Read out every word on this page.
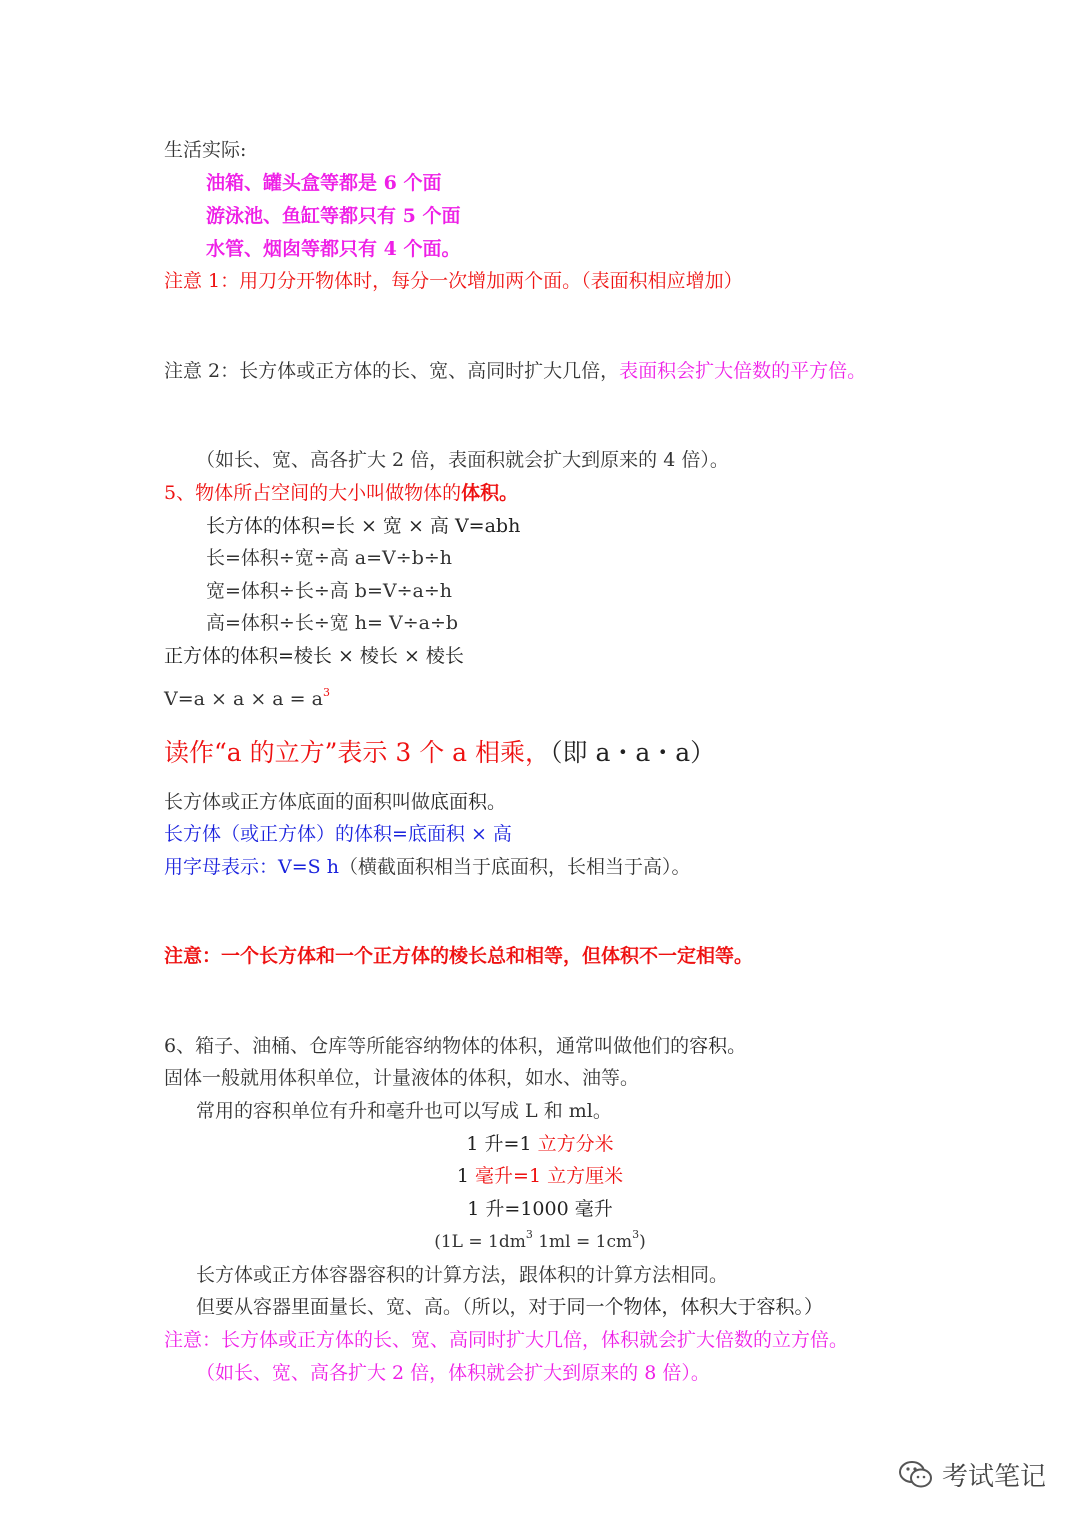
生活实际:
油箱、罐头盒等都是 6 个面
游泳池、鱼缸等都只有 5 个面
水管、烟囱等都只有 4 个面。
注意 1：用刀分开物体时，每分一次增加两个面。（表面积相应增加）
注意 2：长方体或正方体的长、宽、高同时扩大几倍，表面积会扩大倍数的平方倍。
（如长、宽、高各扩大 2 倍，表面积就会扩大到原来的 4 倍）。
5、物体所占空间的大小叫做物体的体积。
长方体的体积=长 × 宽 × 高 V=abh
长=体积÷宽÷高 a=V÷b÷h
宽=体积÷长÷高 b=V÷a÷h
高=体积÷长÷宽 h= V÷a÷b
正方体的体积=棱长 × 棱长 × 棱长
$V=a \times a \times a = a^3$
读作“a 的立方”表示 3 个 a 相乘，（即 a・a・a）
长方体或正方体底面的面积叫做底面积。
长方体（或正方体）的体积=底面积 × 高
用字母表示：V=S h（横截面积相当于底面积，长相当于高）。
注意：一个长方体和一个正方体的棱长总和相等，但体积不一定相等。
6、箱子、油桶、仓库等所能容纳物体的体积，通常叫做他们的容积。
固体一般就用体积单位，计量液体的体积，如水、油等。
常用的容积单位有升和毫升也可以写成 L 和 ml。
1 升=1 立方分米
1 毫升=1 立方厘米
1 升=1000 毫升
($1L = 1dm^3$ $1ml = 1cm^3$)
长方体或正方体容器容积的计算方法，跟体积的计算方法相同。
但要从容器里面量长、宽、高。（所以，对于同一个物体，体积大于容积。）
注意：长方体或正方体的长、宽、高同时扩大几倍，体积就会扩大倍数的立方倍。
（如长、宽、高各扩大 2 倍，体积就会扩大到原来的 8 倍）。
考试笔记
